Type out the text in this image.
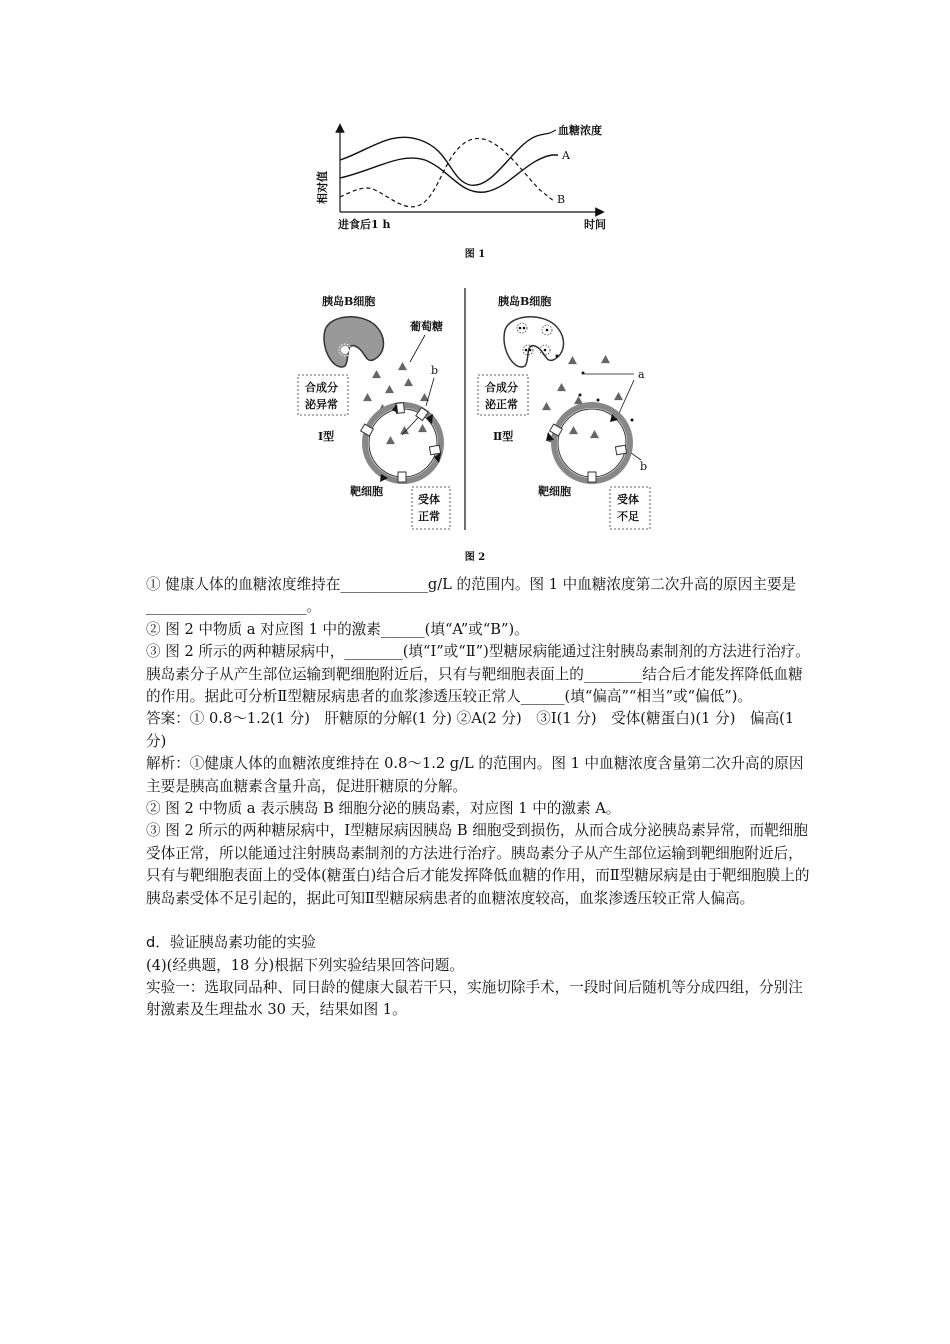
相对值
进食后1 h	时间
血糖浓度
A
B
图 1
胰岛B细胞
葡萄糖
b
合成分
泌异常
Ⅰ型
靶细胞
受体
正常
胰岛B细胞
a
b
合成分
泌正常
Ⅱ型
靶细胞
受体
不足
图 2

① 健康人体的血糖浓度维持在____________g/L 的范围内。图 1 中血糖浓度第二次升高的原因主要是______________________。

② 图 2 中物质 a 对应图 1 中的激素______(填“A”或“B”)。

③ 图 2 所示的两种糖尿病中，________(填“Ⅰ”或“Ⅱ”)型糖尿病能通过注射胰岛素制剂的方法进行治疗。胰岛素分子从产生部位运输到靶细胞附近后，只有与靶细胞表面上的________结合后才能发挥降低血糖的作用。据此可分析Ⅱ型糖尿病患者的血浆渗透压较正常人______(填“偏高”“相当”或“偏低”)。

答案：① 0.8～1.2(1 分)　肝糖原的分解(1 分) ②A(2 分)　③Ⅰ(1 分)　受体(糖蛋白)(1 分)　偏高(1 分)

解析：①健康人体的血糖浓度维持在 0.8～1.2 g/L 的范围内。图 1 中血糖浓度含量第二次升高的原因主要是胰高血糖素含量升高，促进肝糖原的分解。

② 图 2 中物质 a 表示胰岛 B 细胞分泌的胰岛素，对应图 1 中的激素 A。

③ 图 2 所示的两种糖尿病中，Ⅰ型糖尿病因胰岛 B 细胞受到损伤，从而合成分泌胰岛素异常，而靶细胞受体正常，所以能通过注射胰岛素制剂的方法进行治疗。胰岛素分子从产生部位运输到靶细胞附近后，只有与靶细胞表面上的受体(糖蛋白)结合后才能发挥降低血糖的作用，而Ⅱ型糖尿病是由于靶细胞膜上的胰岛素受体不足引起的，据此可知Ⅱ型糖尿病患者的血糖浓度较高，血浆渗透压较正常人偏高。

d．验证胰岛素功能的实验

(4)(经典题，18 分)根据下列实验结果回答问题。

实验一：选取同品种、同日龄的健康大鼠若干只，实施切除手术，一段时间后随机等分成四组，分别注射激素及生理盐水 30 天，结果如图 1。
